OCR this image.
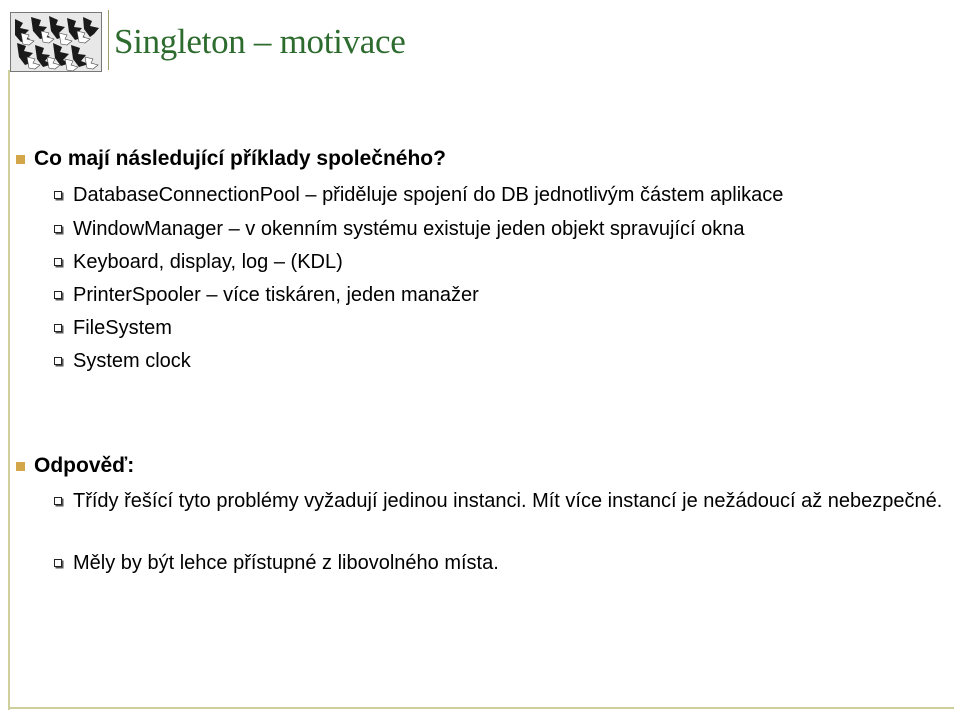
Singleton – motivace
Co mají následující příklady společného?
DatabaseConnectionPool – přiděluje spojení do DB jednotlivým částem aplikace
WindowManager – v okenním systému existuje jeden objekt spravující okna
Keyboard, display, log – (KDL)
PrinterSpooler – více tiskáren, jeden manažer
FileSystem
System clock
Odpověď:
Třídy řešící tyto problémy vyžadují jedinou instanci. Mít více instancí je nežádoucí až nebezpečné.
Měly by být lehce přístupné z libovolného místa.
